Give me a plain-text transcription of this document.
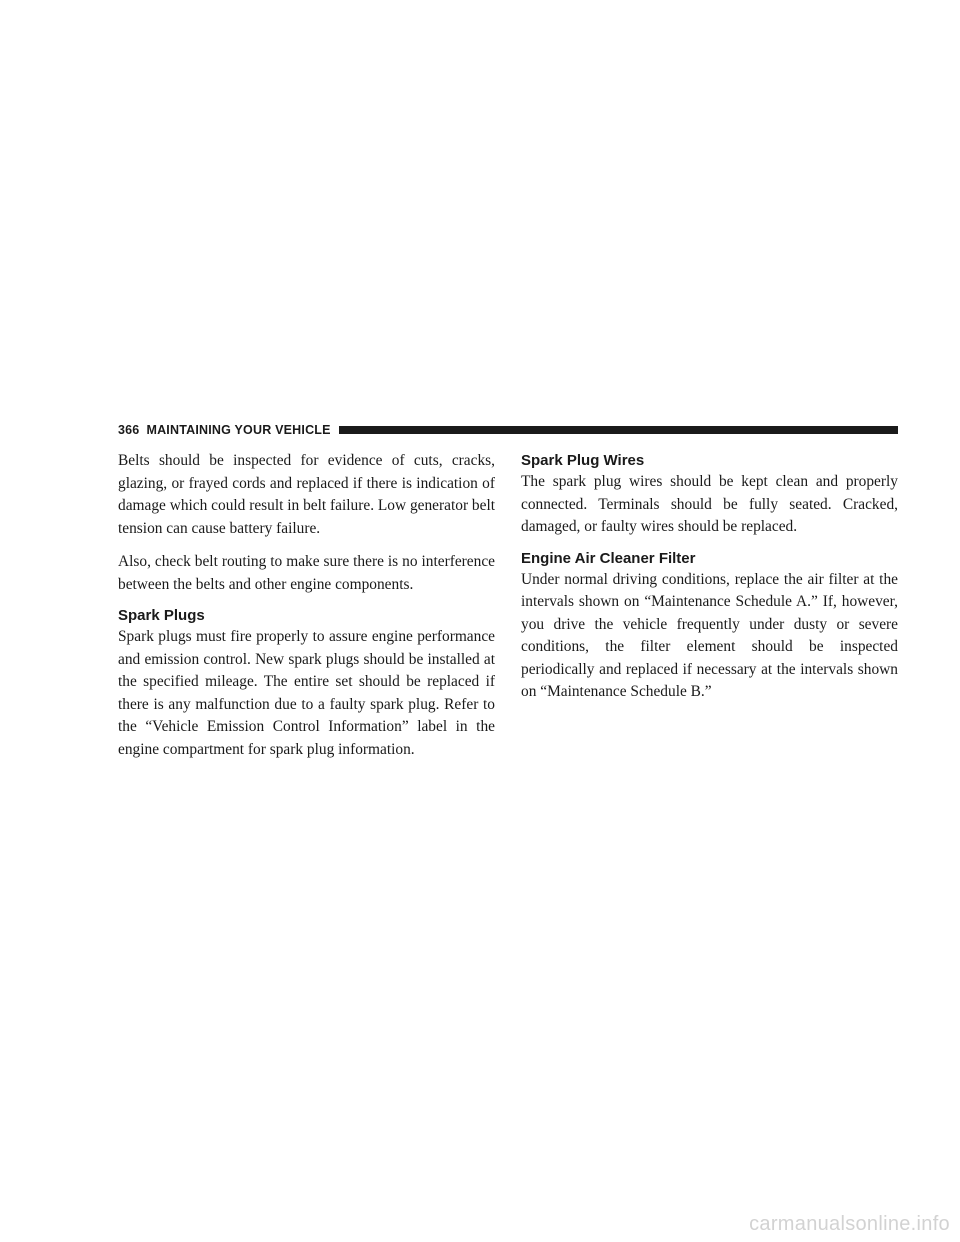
366 MAINTAINING YOUR VEHICLE

Belts should be inspected for evidence of cuts, cracks, glazing, or frayed cords and replaced if there is indication of damage which could result in belt failure. Low generator belt tension can cause battery failure.

Also, check belt routing to make sure there is no interference between the belts and other engine components.

Spark Plugs

Spark plugs must fire properly to assure engine performance and emission control. New spark plugs should be installed at the specified mileage. The entire set should be replaced if there is any malfunction due to a faulty spark plug. Refer to the “Vehicle Emission Control Information” label in the engine compartment for spark plug information.

Spark Plug Wires

The spark plug wires should be kept clean and properly connected. Terminals should be fully seated. Cracked, damaged, or faulty wires should be replaced.

Engine Air Cleaner Filter

Under normal driving conditions, replace the air filter at the intervals shown on “Maintenance Schedule A.” If, however, you drive the vehicle frequently under dusty or severe conditions, the filter element should be inspected periodically and replaced if necessary at the intervals shown on “Maintenance Schedule B.”

carmanualsonline.info
